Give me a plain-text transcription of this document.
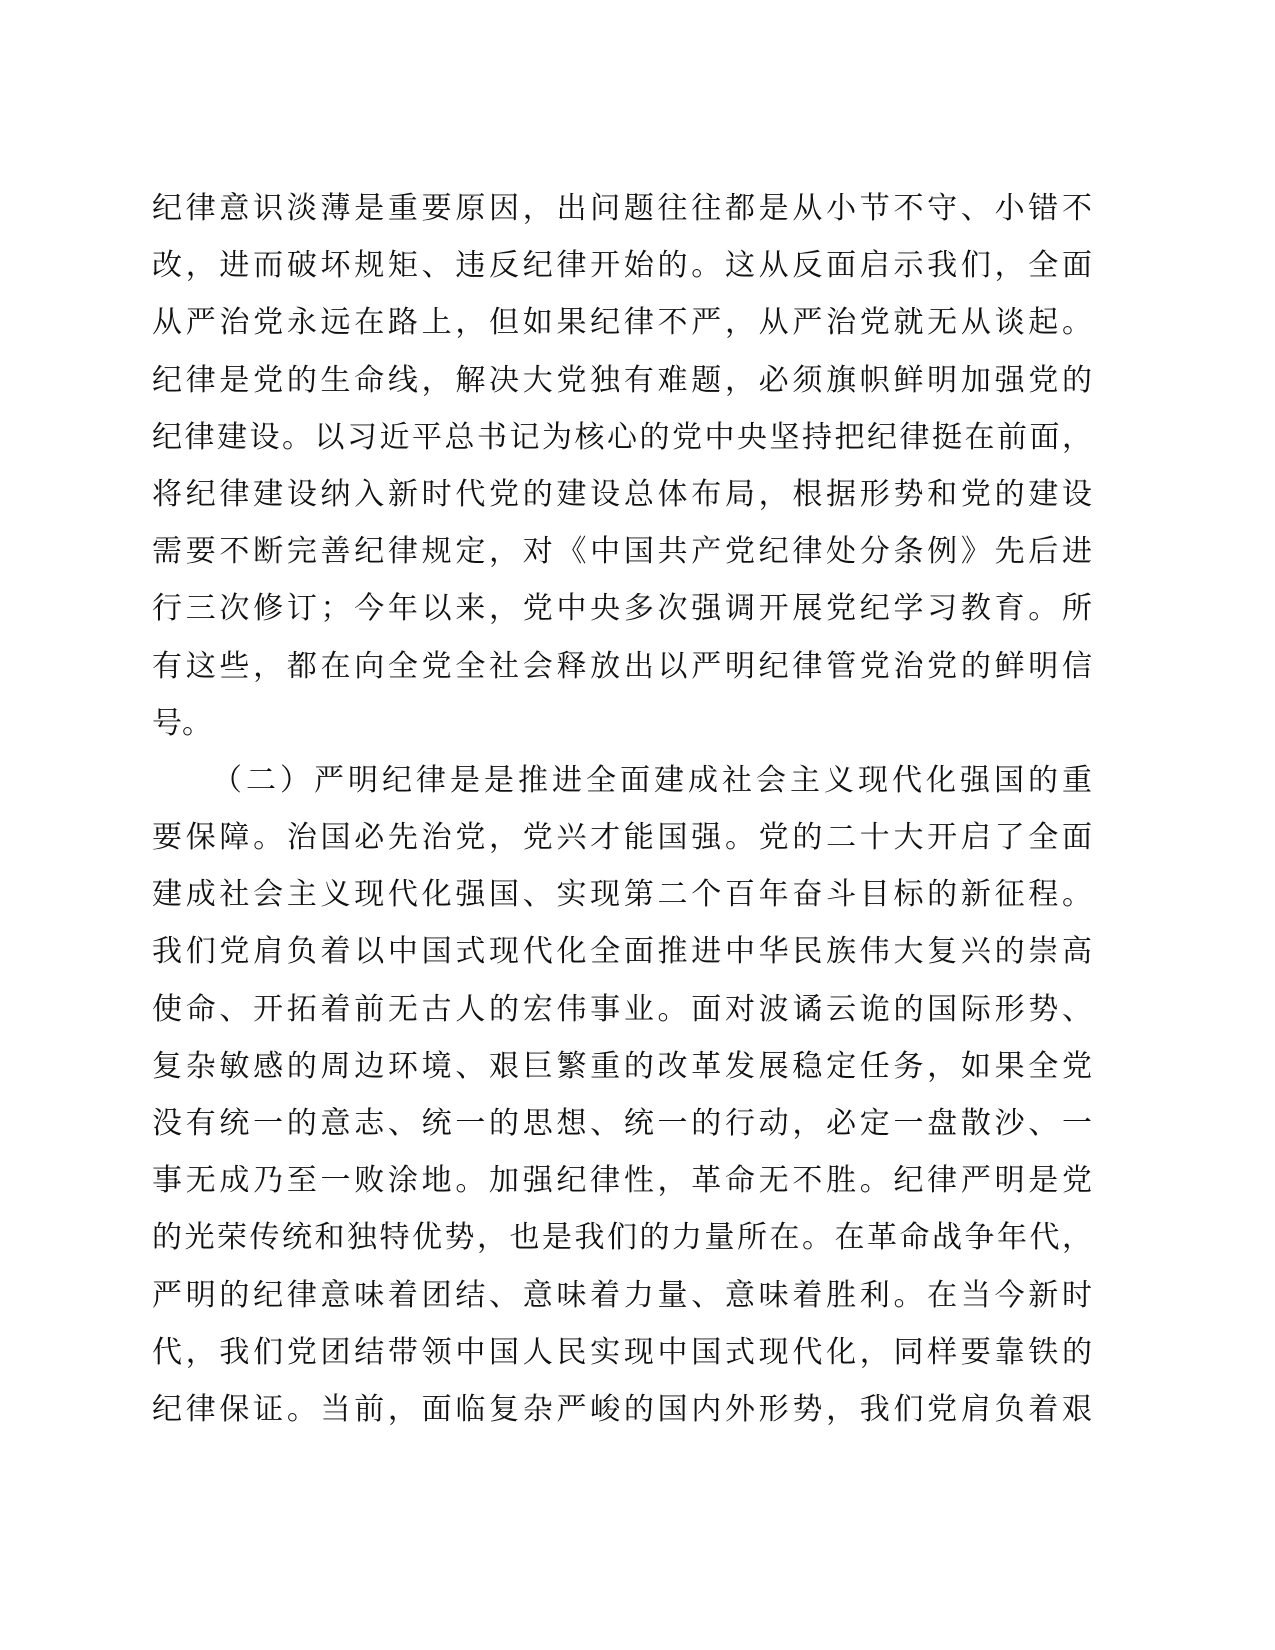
纪律意识淡薄是重要原因，出问题往往都是从小节不守、小错不
改，进而破坏规矩、违反纪律开始的。这从反面启示我们，全面
从严治党永远在路上，但如果纪律不严，从严治党就无从谈起。
纪律是党的生命线，解决大党独有难题，必须旗帜鲜明加强党的
纪律建设。以习近平总书记为核心的党中央坚持把纪律挺在前面，
将纪律建设纳入新时代党的建设总体布局，根据形势和党的建设
需要不断完善纪律规定，对《中国共产党纪律处分条例》先后进
行三次修订；今年以来，党中央多次强调开展党纪学习教育。所
有这些，都在向全党全社会释放出以严明纪律管党治党的鲜明信
号。
（二）严明纪律是是推进全面建成社会主义现代化强国的重
要保障。治国必先治党，党兴才能国强。党的二十大开启了全面
建成社会主义现代化强国、实现第二个百年奋斗目标的新征程。
我们党肩负着以中国式现代化全面推进中华民族伟大复兴的崇高
使命、开拓着前无古人的宏伟事业。面对波谲云诡的国际形势、
复杂敏感的周边环境、艰巨繁重的改革发展稳定任务，如果全党
没有统一的意志、统一的思想、统一的行动，必定一盘散沙、一
事无成乃至一败涂地。加强纪律性，革命无不胜。纪律严明是党
的光荣传统和独特优势，也是我们的力量所在。在革命战争年代，
严明的纪律意味着团结、意味着力量、意味着胜利。在当今新时
代，我们党团结带领中国人民实现中国式现代化，同样要靠铁的
纪律保证。当前，面临复杂严峻的国内外形势，我们党肩负着艰
